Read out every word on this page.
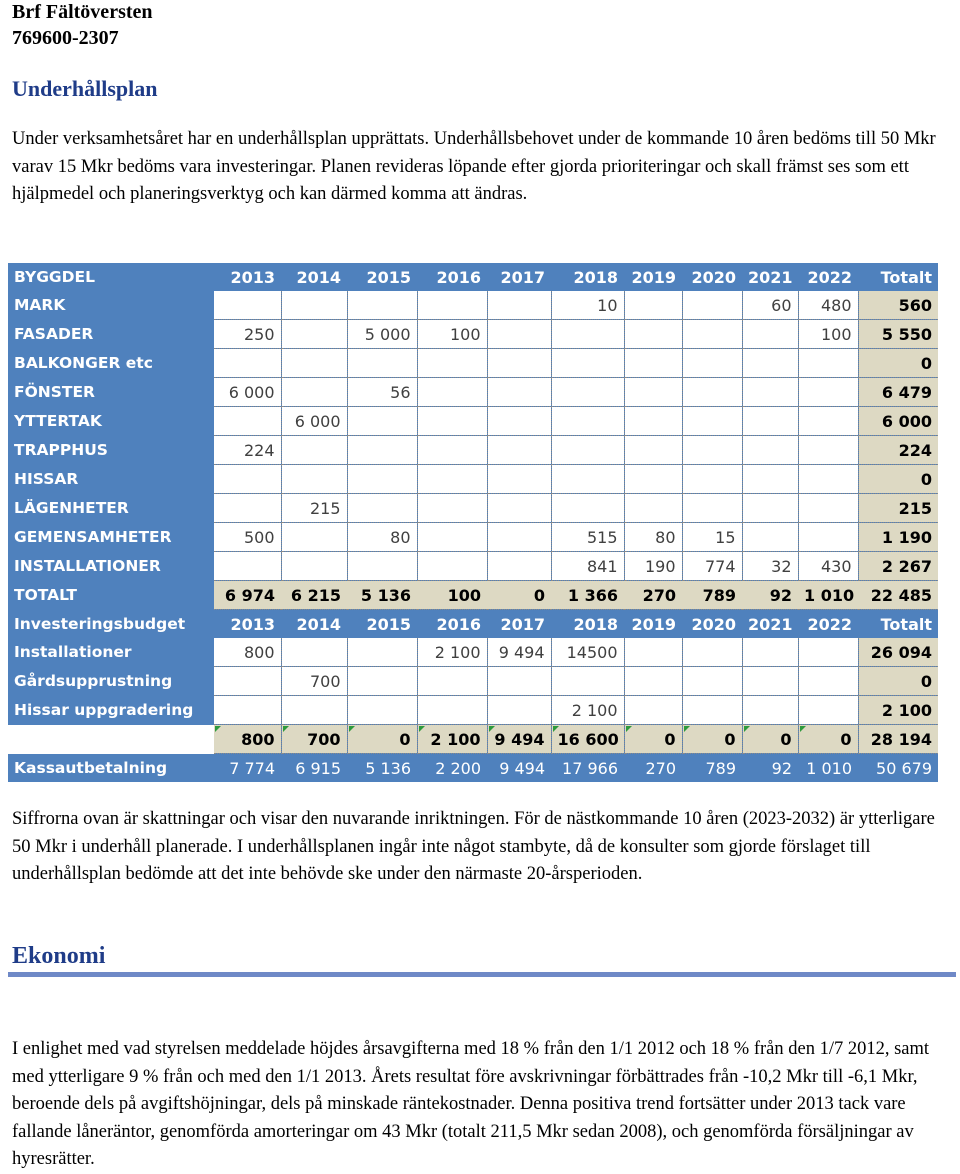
Brf Fältöversten
769600-2307
Underhållsplan
Under verksamhetsåret har en underhållsplan upprättats. Underhållsbehovet under de kommande 10 åren bedöms till 50 Mkr varav 15 Mkr bedöms vara investeringar. Planen revideras löpande efter gjorda prioriteringar och skall främst ses som ett hjälpmedel och planeringsverktyg och kan därmed komma att ändras.
BYGGDEL	2013	2014	2015	2016	2017	2018	2019	2020	2021	2022	Totalt
MARK						10			60	480	560
FASADER	250		5 000	100						100	5 550
BALKONGER etc											0
FÖNSTER	6 000		56								6 479
YTTERTAK		6 000									6 000
TRAPPHUS	224										224
HISSAR											0
LÄGENHETER		215									215
GEMENSAMHETER	500		80			515	80	15			1 190
INSTALLATIONER						841	190	774	32	430	2 267
TOTALT	6 974	6 215	5 136	100	0	1 366	270	789	92	1 010	22 485
Investeringsbudget	2013	2014	2015	2016	2017	2018	2019	2020	2021	2022	Totalt
Installationer	800			2 100	9 494	14500					26 094
Gårdsupprustning		700									0
Hissar uppgradering						2 100					2 100
	800	700	0	2 100	9 494	16 600	0	0	0	0	28 194
Kassautbetalning	7 774	6 915	5 136	2 200	9 494	17 966	270	789	92	1 010	50 679
Siffrorna ovan är skattningar och visar den nuvarande inriktningen. För de nästkommande 10 åren (2023-2032) är ytterligare 50 Mkr i underhåll planerade. I underhållsplanen ingår inte något stambyte, då de konsulter som gjorde förslaget till underhållsplan bedömde att det inte behövde ske under den närmaste 20-årsperioden.
Ekonomi
I enlighet med vad styrelsen meddelade höjdes årsavgifterna med 18 % från den 1/1 2012 och 18 % från den 1/7 2012, samt med ytterligare 9 % från och med den 1/1 2013. Årets resultat före avskrivningar förbättrades från -10,2 Mkr till -6,1 Mkr, beroende dels på avgiftshöjningar, dels på minskade räntekostnader. Denna positiva trend fortsätter under 2013 tack vare fallande låneräntor, genomförda amorteringar om 43 Mkr (totalt 211,5 Mkr sedan 2008), och genomförda försäljningar av hyresrätter.
